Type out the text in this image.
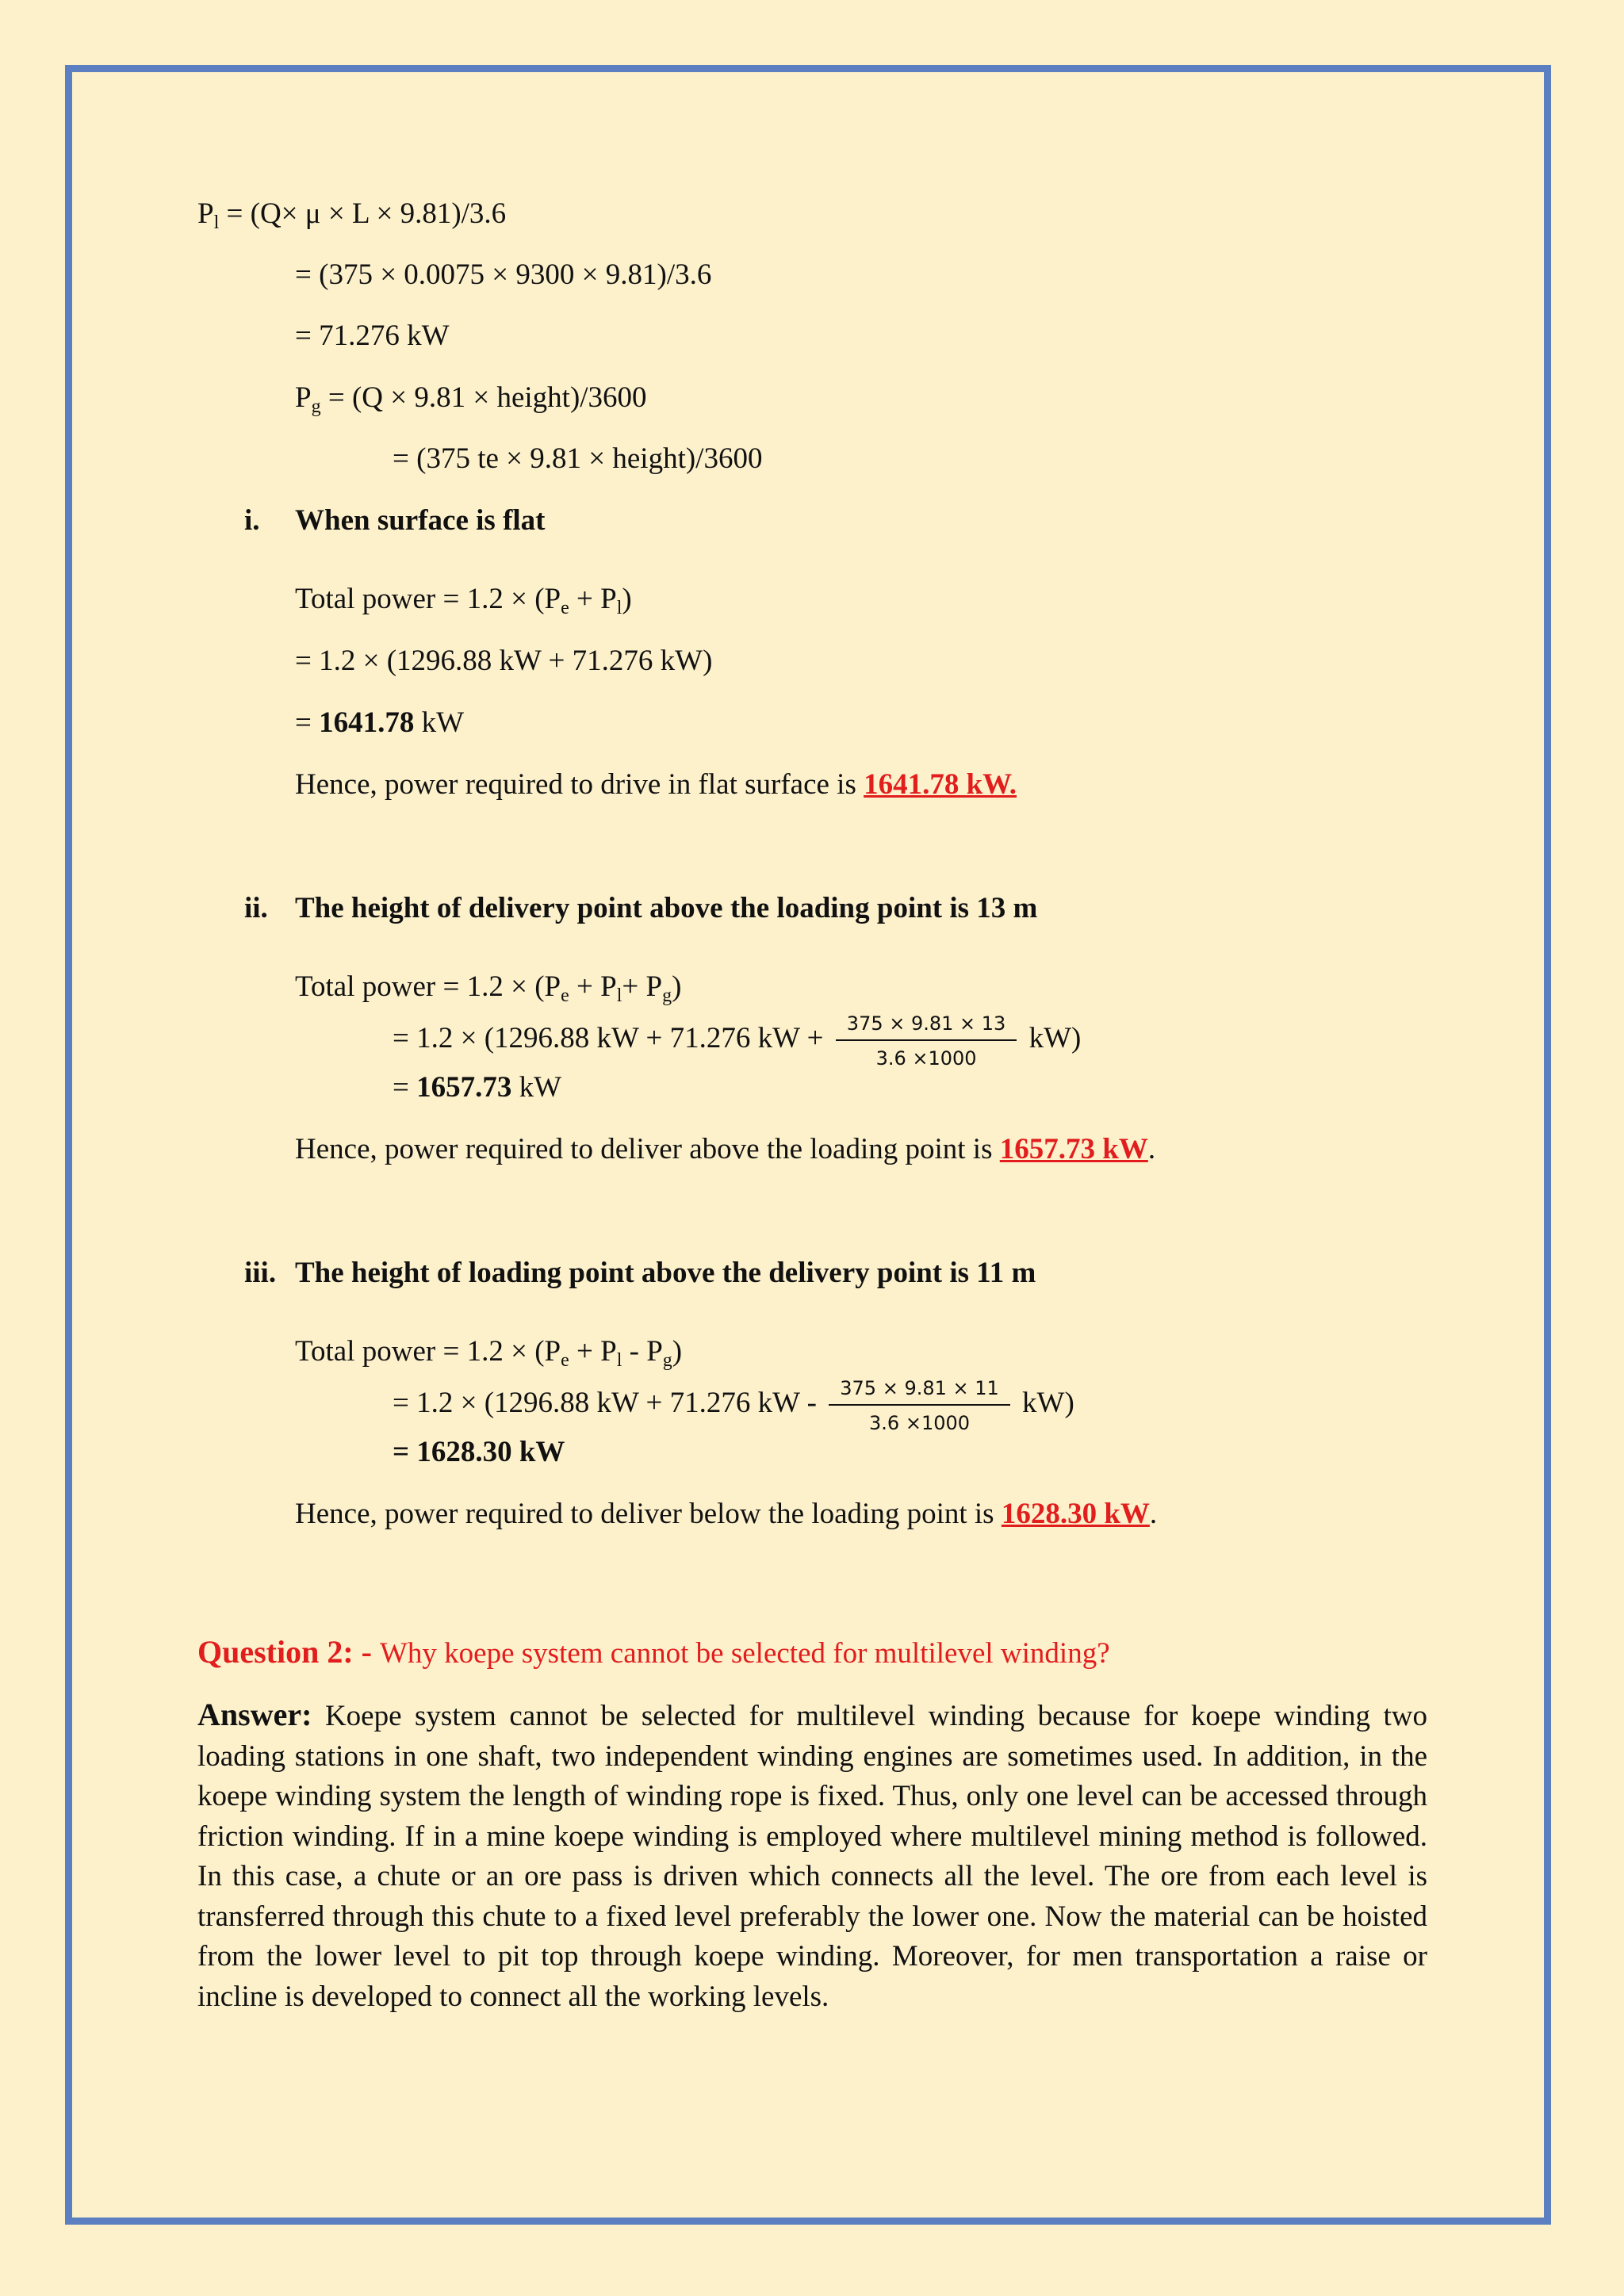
$P_l = (Q\times \mu \times L \times 9.81)/3.6$
= (375 × 0.0075 × 9300 × 9.81)/3.6
= 71.276 kW
$P_g = (Q \times 9.81$ × height)/3600
= (375 te × 9.81 × height)/3600
i. When surface is flat
Total power = $1.2 \times (P_e + P_l)$
= 1.2 × (1296.88 kW + 71.276 kW)
= 1641.78 kW
Hence, power required to drive in flat surface is 1641.78 kW.
ii. The height of delivery point above the loading point is 13 m
Total power = $1.2 \times (P_e + P_l+ P_g)$
= 1.2 × (1296.88 kW + 71.276 kW + $\frac{375 \times 9.81 \times 13}{3.6 \times 1000} kW$)
= 1657.73 kW
Hence, power required to deliver above the loading point is 1657.73 kW.
iii. The height of loading point above the delivery point is 11 m
Total power = $1.2 \times (P_e + P_l - P_g)$
= 1.2 × (1296.88 kW + 71.276 kW - $\frac{375 \times 9.81 \times 11}{3.6 \times 1000} kW$)
= 1628.30 kW
Hence, power required to deliver below the loading point is 1628.30 kW.
Question 2: - Why koepe system cannot be selected for multilevel winding?
Answer: Koepe system cannot be selected for multilevel winding because for koepe winding two loading stations in one shaft, two independent winding engines are sometimes used. In addition, in the koepe winding system the length of winding rope is fixed. Thus, only one level can be accessed through friction winding. If in a mine koepe winding is employed where multilevel mining method is followed. In this case, a chute or an ore pass is driven which connects all the level. The ore from each level is transferred through this chute to a fixed level preferably the lower one. Now the material can be hoisted from the lower level to pit top through koepe winding. Moreover, for men transportation a raise or incline is developed to connect all the working levels.
